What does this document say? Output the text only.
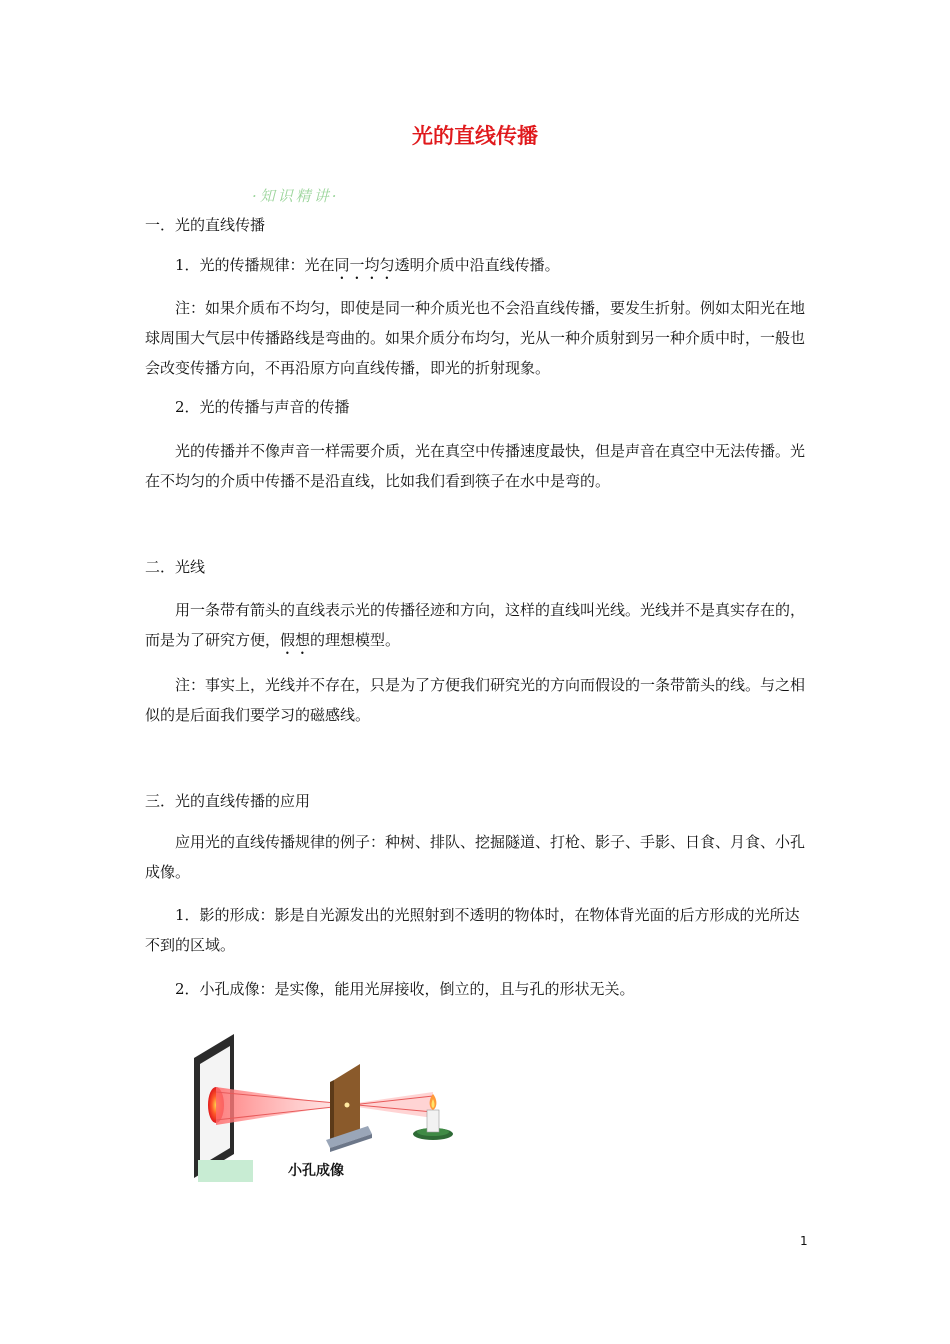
光的直线传播
·知识精讲·
一．光的直线传播
1．光的传播规律：光在同一均匀透明介质中沿直线传播。
注：如果介质布不均匀，即使是同一种介质光也不会沿直线传播，要发生折射。例如太阳光在地球周围大气层中传播路线是弯曲的。如果介质分布均匀，光从一种介质射到另一种介质中时，一般也会改变传播方向，不再沿原方向直线传播，即光的折射现象。
2．光的传播与声音的传播
光的传播并不像声音一样需要介质，光在真空中传播速度最快，但是声音在真空中无法传播。光在不均匀的介质中传播不是沿直线，比如我们看到筷子在水中是弯的。
二．光线
用一条带有箭头的直线表示光的传播径迹和方向，这样的直线叫光线。光线并不是真实存在的，而是为了研究方便，假想的理想模型。
注：事实上，光线并不存在，只是为了方便我们研究光的方向而假设的一条带箭头的线。与之相似的是后面我们要学习的磁感线。
三．光的直线传播的应用
应用光的直线传播规律的例子：种树、排队、挖掘隧道、打枪、影子、手影、日食、月食、小孔成像。
1．影的形成：影是自光源发出的光照射到不透明的物体时，在物体背光面的后方形成的光所达不到的区域。
2．小孔成像：是实像，能用光屏接收，倒立的，且与孔的形状无关。
小孔成像
1
